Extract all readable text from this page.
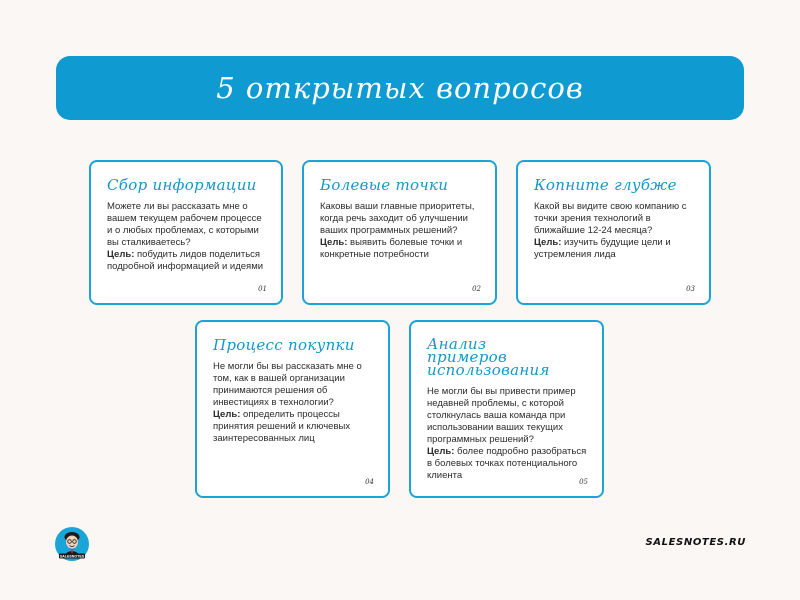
5 открытых вопросов
Сбор информации

Можете ли вы рассказать мне о вашем текущем рабочем процессе и о любых проблемах, с которыми вы сталкиваетесь?

Цель: побудить лидов поделиться подробной информацией и идеями

01
Болевые точки

Каковы ваши главные приоритеты, когда речь заходит об улучшении ваших программных решений?

Цель: выявить болевые точки и конкретные потребности

02
Копните глубже

Какой вы видите свою компанию с точки зрения технологий в ближайшие 12-24 месяца?

Цель: изучить будущие цели и устремления лида

03
Процесс покупки

Не могли бы вы рассказать мне о том, как в вашей организации принимаются решения об инвестициях в технологии?

Цель: определить процессы принятия решений и ключевых заинтересованных лиц

04
Анализ примеров использования

Не могли бы вы привести пример недавней проблемы, с которой столкнулась ваша команда при использовании ваших текущих программных решений?

Цель: более подробно разобраться в болевых точках потенциального клиента

05
SALESNOTES
SALESNOTES.RU
